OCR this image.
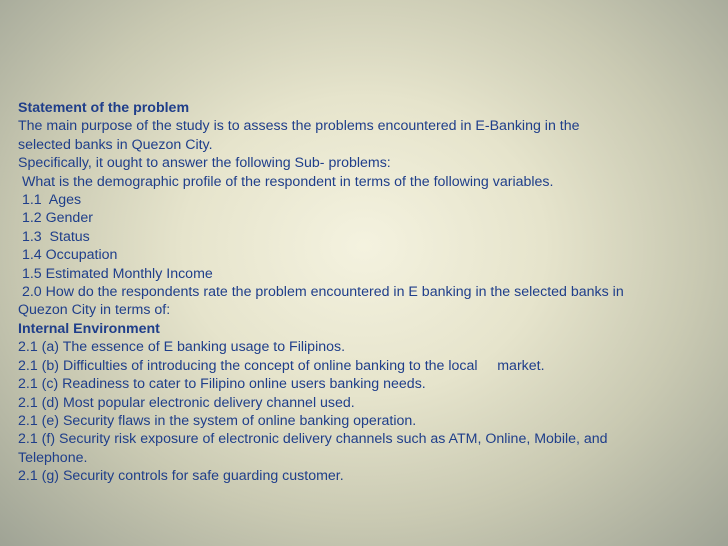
Statement of the problem
The main purpose of the study is to assess the problems encountered in E-Banking in the
selected banks in Quezon City.
Specifically, it ought to answer the following Sub- problems:
What is the demographic profile of the respondent in terms of the following variables.
1.1  Ages
1.2 Gender
1.3  Status
1.4 Occupation
1.5 Estimated Monthly Income
2.0 How do the respondents rate the problem encountered in E banking in the selected banks in
Quezon City in terms of:
Internal Environment
2.1 (a) The essence of E banking usage to Filipinos.
2.1 (b) Difficulties of introducing the concept of online banking to the local     market.
2.1 (c) Readiness to cater to Filipino online users banking needs.
2.1 (d) Most popular electronic delivery channel used.
2.1 (e) Security flaws in the system of online banking operation.
2.1 (f) Security risk exposure of electronic delivery channels such as ATM, Online, Mobile, and
Telephone.
2.1 (g) Security controls for safe guarding customer.
